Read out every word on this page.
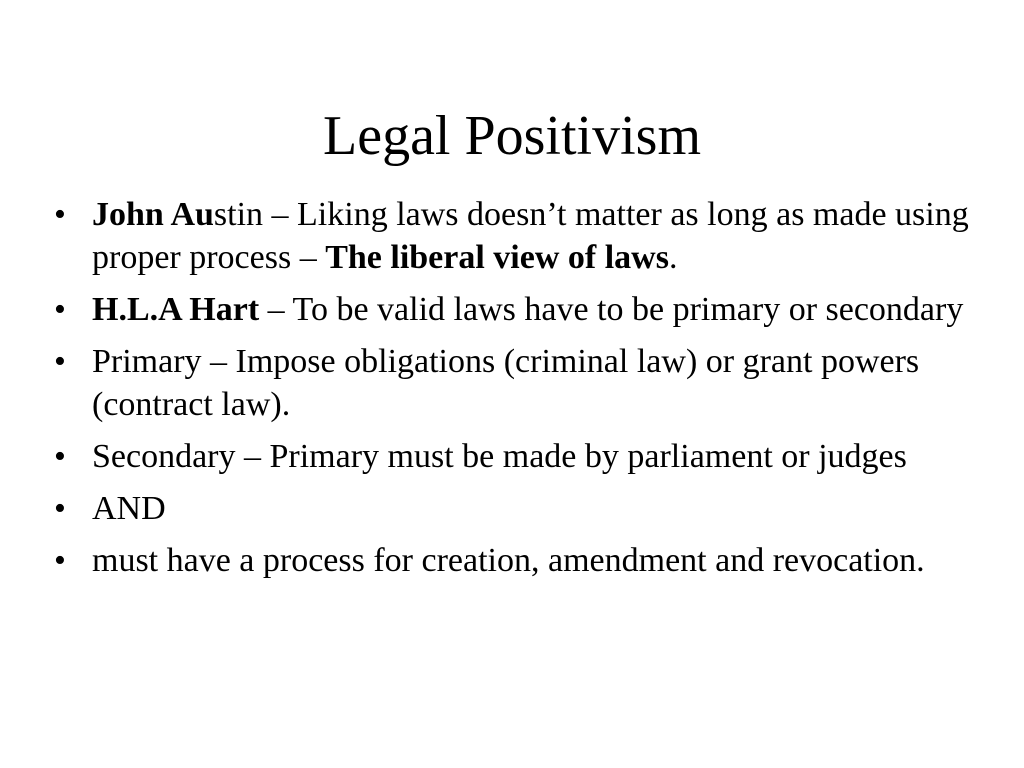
Legal Positivism
• John Austin – Liking laws doesn’t matter as long as made using proper process – The liberal view of laws.
• H.L.A Hart – To be valid laws have to be primary or secondary
• Primary – Impose obligations (criminal law) or grant powers (contract law).
• Secondary – Primary must be made by parliament or judges
• AND
• must have a process for creation, amendment and revocation.
